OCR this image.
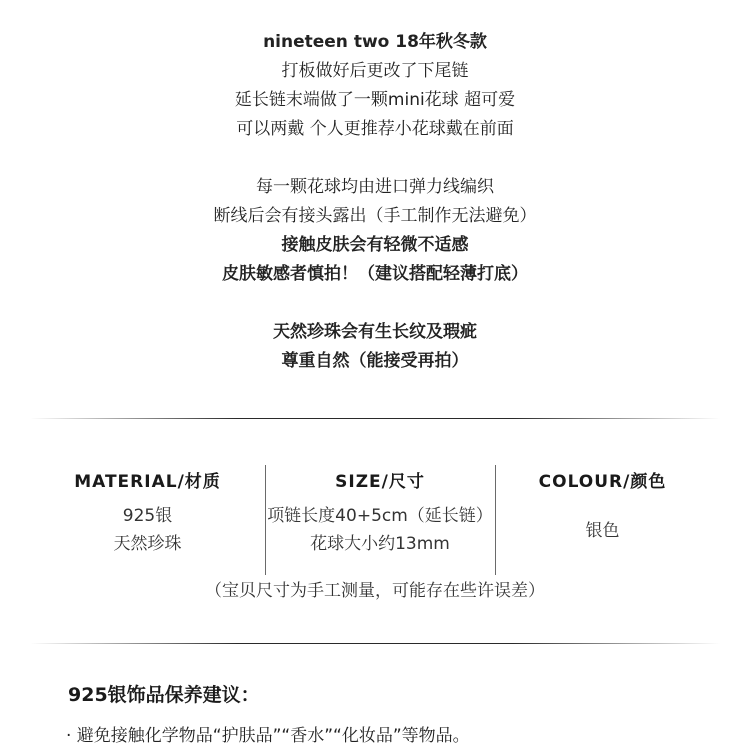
nineteen two 18年秋冬款
打板做好后更改了下尾链
延长链末端做了一颗mini花球 超可爱
可以两戴 个人更推荐小花球戴在前面
每一颗花球均由进口弹力线编织
断线后会有接头露出（手工制作无法避免）
接触皮肤会有轻微不适感
皮肤敏感者慎拍！（建议搭配轻薄打底）
天然珍珠会有生长纹及瑕疵
尊重自然（能接受再拍）
MATERIAL/材质
925银
天然珍珠
SIZE/尺寸
项链长度40+5cm（延长链）
花球大小约13mm
COLOUR/颜色
银色
（宝贝尺寸为手工测量，可能存在些许误差）
925银饰品保养建议：
· 避免接触化学物品“护肤品”“香水”“化妆品”等物品。
